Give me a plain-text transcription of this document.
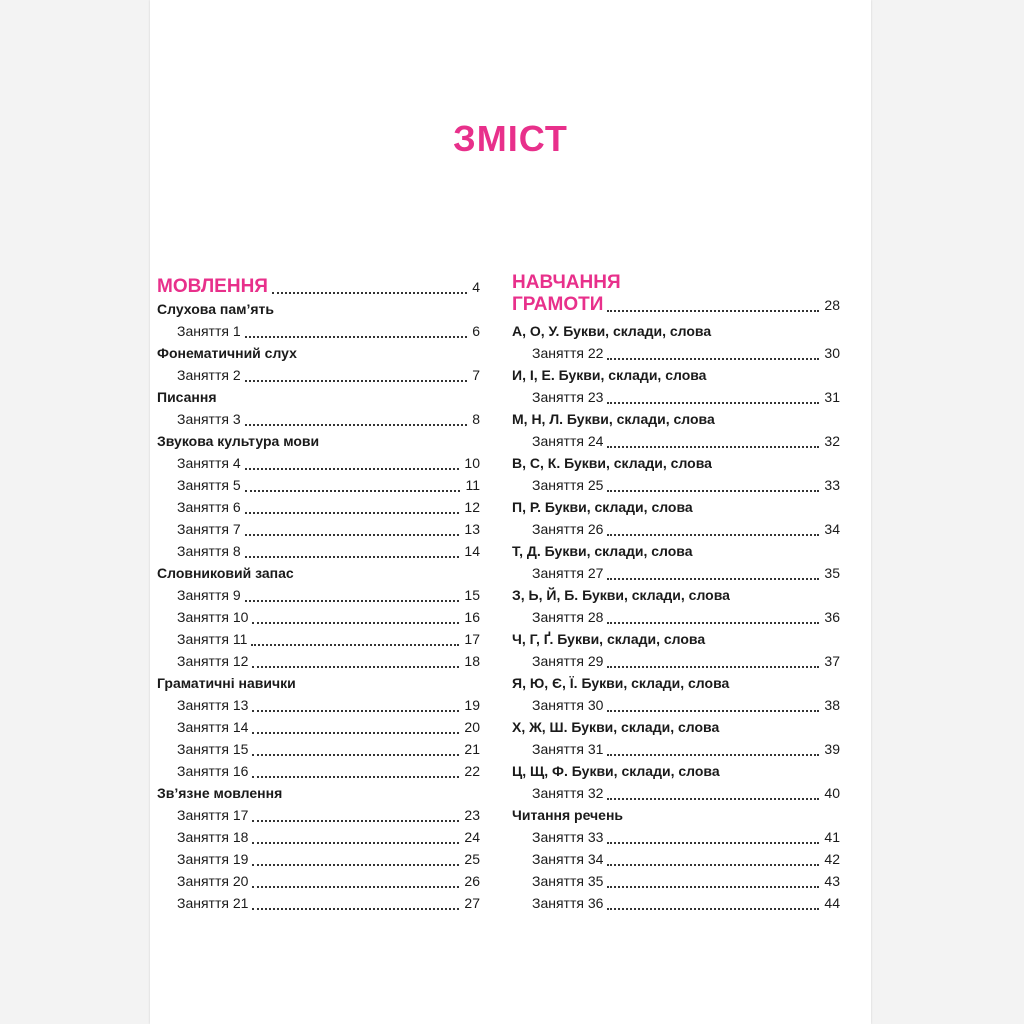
ЗМІСТ
МОВЛЕННЯ	4
Слухова пам’ять
6
Заняття 1
Фонематичний слух
7
Заняття 2
Писання
8
Заняття 3
Звукова культура мови
10
Заняття 4
11
Заняття 5
12
Заняття 6
13
Заняття 7
14
Заняття 8
Словниковий запас
15
Заняття 9
16
Заняття 10
17
Заняття 11
18
Заняття 12
Граматичні навички
19
Заняття 13
20
Заняття 14
21
Заняття 15
22
Заняття 16
Зв’язне мовлення
23
Заняття 17
24
Заняття 18
25
Заняття 19
26
Заняття 20
27
Заняття 21
НАВЧАННЯ
ГРАМОТИ	28
А, О, У. Букви, склади, слова
30
Заняття 22
И, І, Е. Букви, склади, слова
31
Заняття 23
М, Н, Л. Букви, склади, слова
32
Заняття 24
В, С, К. Букви, склади, слова
33
Заняття 25
П, Р. Букви, склади, слова
34
Заняття 26
Т, Д. Букви, склади, слова
35
Заняття 27
З, Ь, Й, Б. Букви, склади, слова
36
Заняття 28
Ч, Г, Ґ. Букви, склади, слова
37
Заняття 29
Я, Ю, Є, Ї. Букви, склади, слова
38
Заняття 30
Х, Ж, Ш. Букви, склади, слова
39
Заняття 31
Ц, Щ, Ф. Букви, склади, слова
40
Заняття 32
Читання речень
41
Заняття 33
42
Заняття 34
43
Заняття 35
44
Заняття 36
